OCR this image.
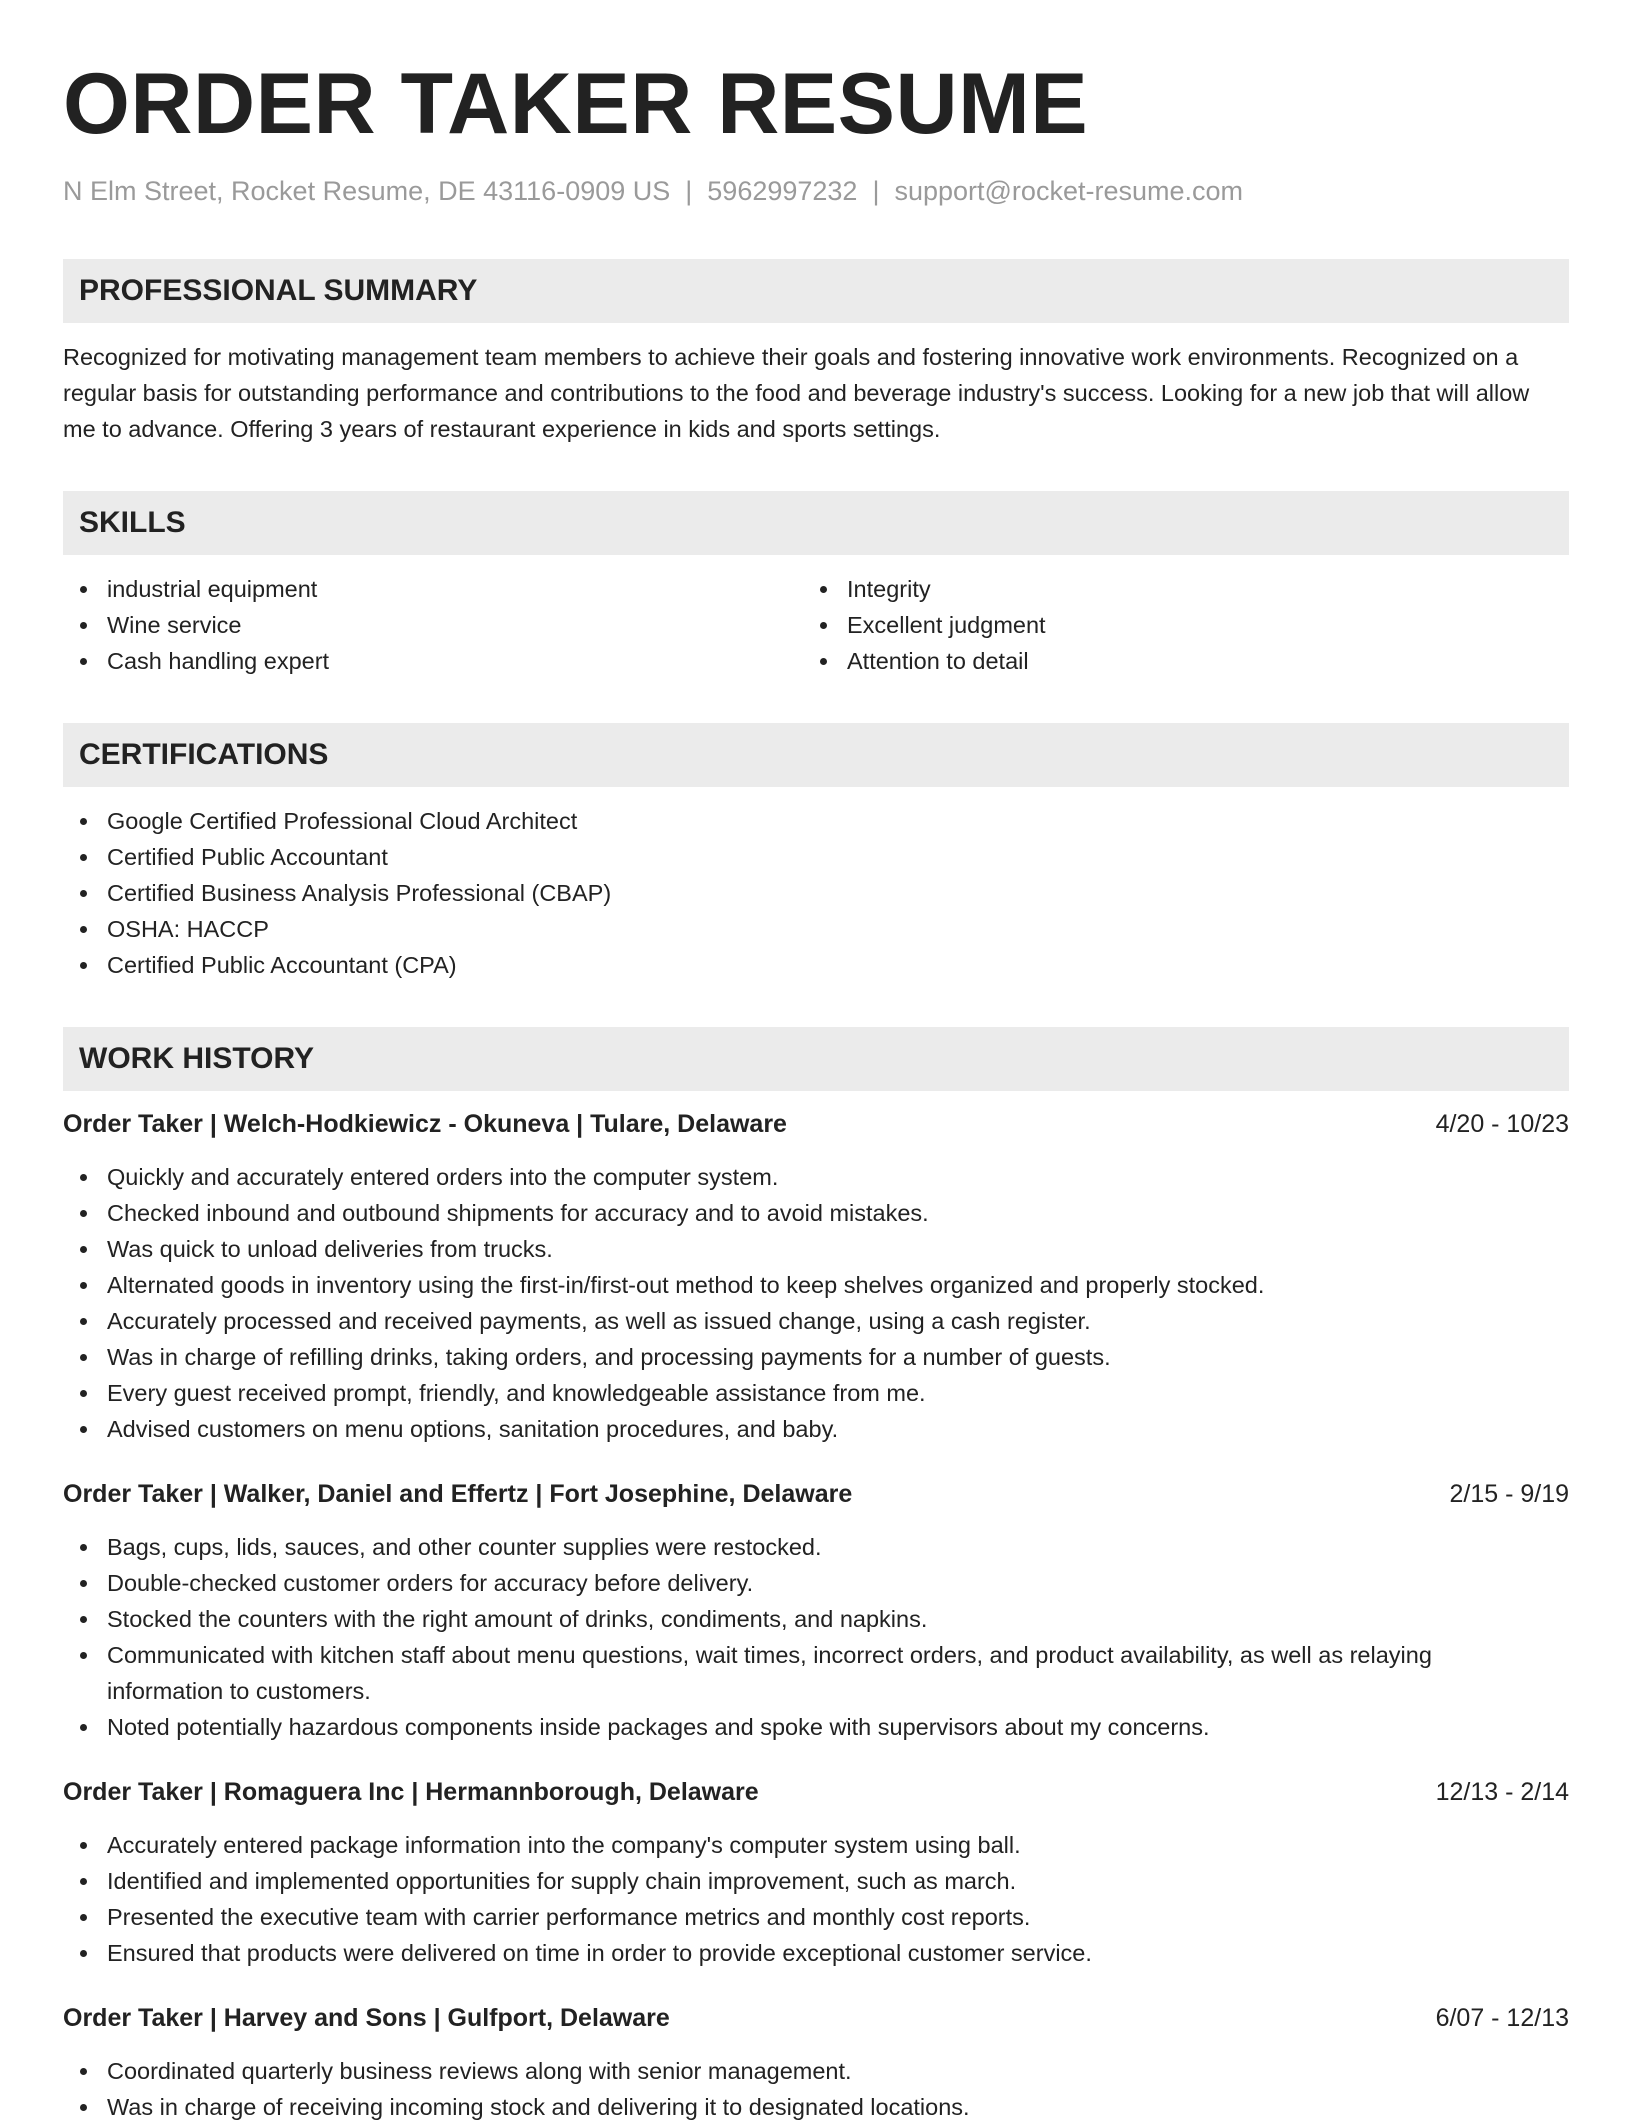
ORDER TAKER RESUME
N Elm Street, Rocket Resume, DE 43116-0909 US | 5962997232 | support@rocket-resume.com
PROFESSIONAL SUMMARY
Recognized for motivating management team members to achieve their goals and fostering innovative work environments. Recognized on a regular basis for outstanding performance and contributions to the food and beverage industry's success. Looking for a new job that will allow me to advance. Offering 3 years of restaurant experience in kids and sports settings.
SKILLS
industrial equipment
Wine service
Cash handling expert
Integrity
Excellent judgment
Attention to detail
CERTIFICATIONS
Google Certified Professional Cloud Architect
Certified Public Accountant
Certified Business Analysis Professional (CBAP)
OSHA: HACCP
Certified Public Accountant (CPA)
WORK HISTORY
Order Taker | Welch-Hodkiewicz - Okuneva | Tulare, Delaware	4/20 - 10/23
Quickly and accurately entered orders into the computer system.
Checked inbound and outbound shipments for accuracy and to avoid mistakes.
Was quick to unload deliveries from trucks.
Alternated goods in inventory using the first-in/first-out method to keep shelves organized and properly stocked.
Accurately processed and received payments, as well as issued change, using a cash register.
Was in charge of refilling drinks, taking orders, and processing payments for a number of guests.
Every guest received prompt, friendly, and knowledgeable assistance from me.
Advised customers on menu options, sanitation procedures, and baby.
Order Taker | Walker, Daniel and Effertz | Fort Josephine, Delaware	2/15 - 9/19
Bags, cups, lids, sauces, and other counter supplies were restocked.
Double-checked customer orders for accuracy before delivery.
Stocked the counters with the right amount of drinks, condiments, and napkins.
Communicated with kitchen staff about menu questions, wait times, incorrect orders, and product availability, as well as relaying information to customers.
Noted potentially hazardous components inside packages and spoke with supervisors about my concerns.
Order Taker | Romaguera Inc | Hermannborough, Delaware	12/13 - 2/14
Accurately entered package information into the company's computer system using ball.
Identified and implemented opportunities for supply chain improvement, such as march.
Presented the executive team with carrier performance metrics and monthly cost reports.
Ensured that products were delivered on time in order to provide exceptional customer service.
Order Taker | Harvey and Sons | Gulfport, Delaware	6/07 - 12/13
Coordinated quarterly business reviews along with senior management.
Was in charge of receiving incoming stock and delivering it to designated locations.
